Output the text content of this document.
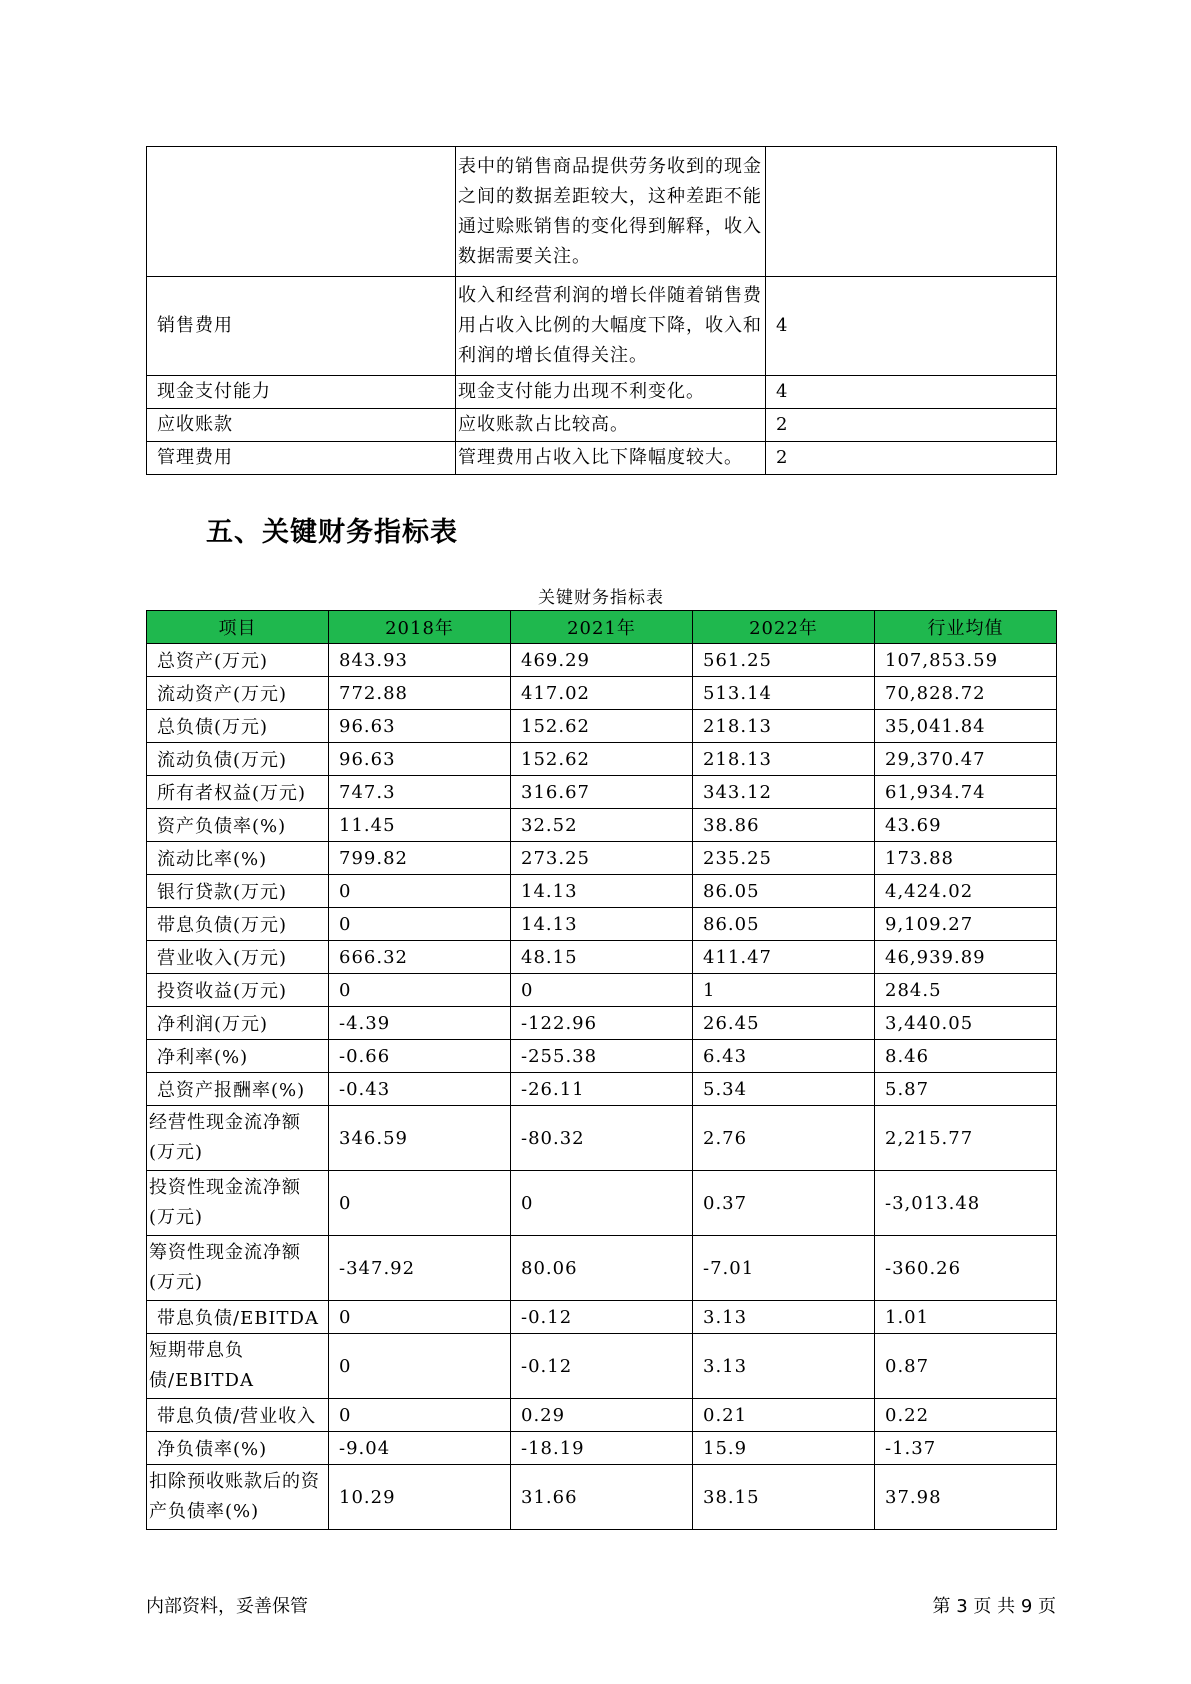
	表中的销售商品提供劳务收到的现金之间的数据差距较大，这种差距不能通过赊账销售的变化得到解释，收入数据需要关注。	
销售费用	收入和经营利润的增长伴随着销售费用占收入比例的大幅度下降，收入和利润的增长值得关注。	4
现金支付能力	现金支付能力出现不利变化。	4
应收账款	应收账款占比较高。	2
管理费用	管理费用占收入比下降幅度较大。	2
五、关键财务指标表
关键财务指标表
项目	2018年	2021年	2022年	行业均值
总资产(万元)	843.93	469.29	561.25	107,853.59
流动资产(万元)	772.88	417.02	513.14	70,828.72
总负债(万元)	96.63	152.62	218.13	35,041.84
流动负债(万元)	96.63	152.62	218.13	29,370.47
所有者权益(万元)	747.3	316.67	343.12	61,934.74
资产负债率(%)	11.45	32.52	38.86	43.69
流动比率(%)	799.82	273.25	235.25	173.88
银行贷款(万元)	0	14.13	86.05	4,424.02
带息负债(万元)	0	14.13	86.05	9,109.27
营业收入(万元)	666.32	48.15	411.47	46,939.89
投资收益(万元)	0	0	1	284.5
净利润(万元)	-4.39	-122.96	26.45	3,440.05
净利率(%)	-0.66	-255.38	6.43	8.46
总资产报酬率(%)	-0.43	-26.11	5.34	5.87
经营性现金流净额(万元)	346.59	-80.32	2.76	2,215.77
投资性现金流净额(万元)	0	0	0.37	-3,013.48
筹资性现金流净额(万元)	-347.92	80.06	-7.01	-360.26
带息负债/EBITDA	0	-0.12	3.13	1.01
短期带息负债/EBITDA	0	-0.12	3.13	0.87
带息负债/营业收入	0	0.29	0.21	0.22
净负债率(%)	-9.04	-18.19	15.9	-1.37
扣除预收账款后的资产负债率(%)	10.29	31.66	38.15	37.98
内部资料，妥善保管	第 3 页 共 9 页
